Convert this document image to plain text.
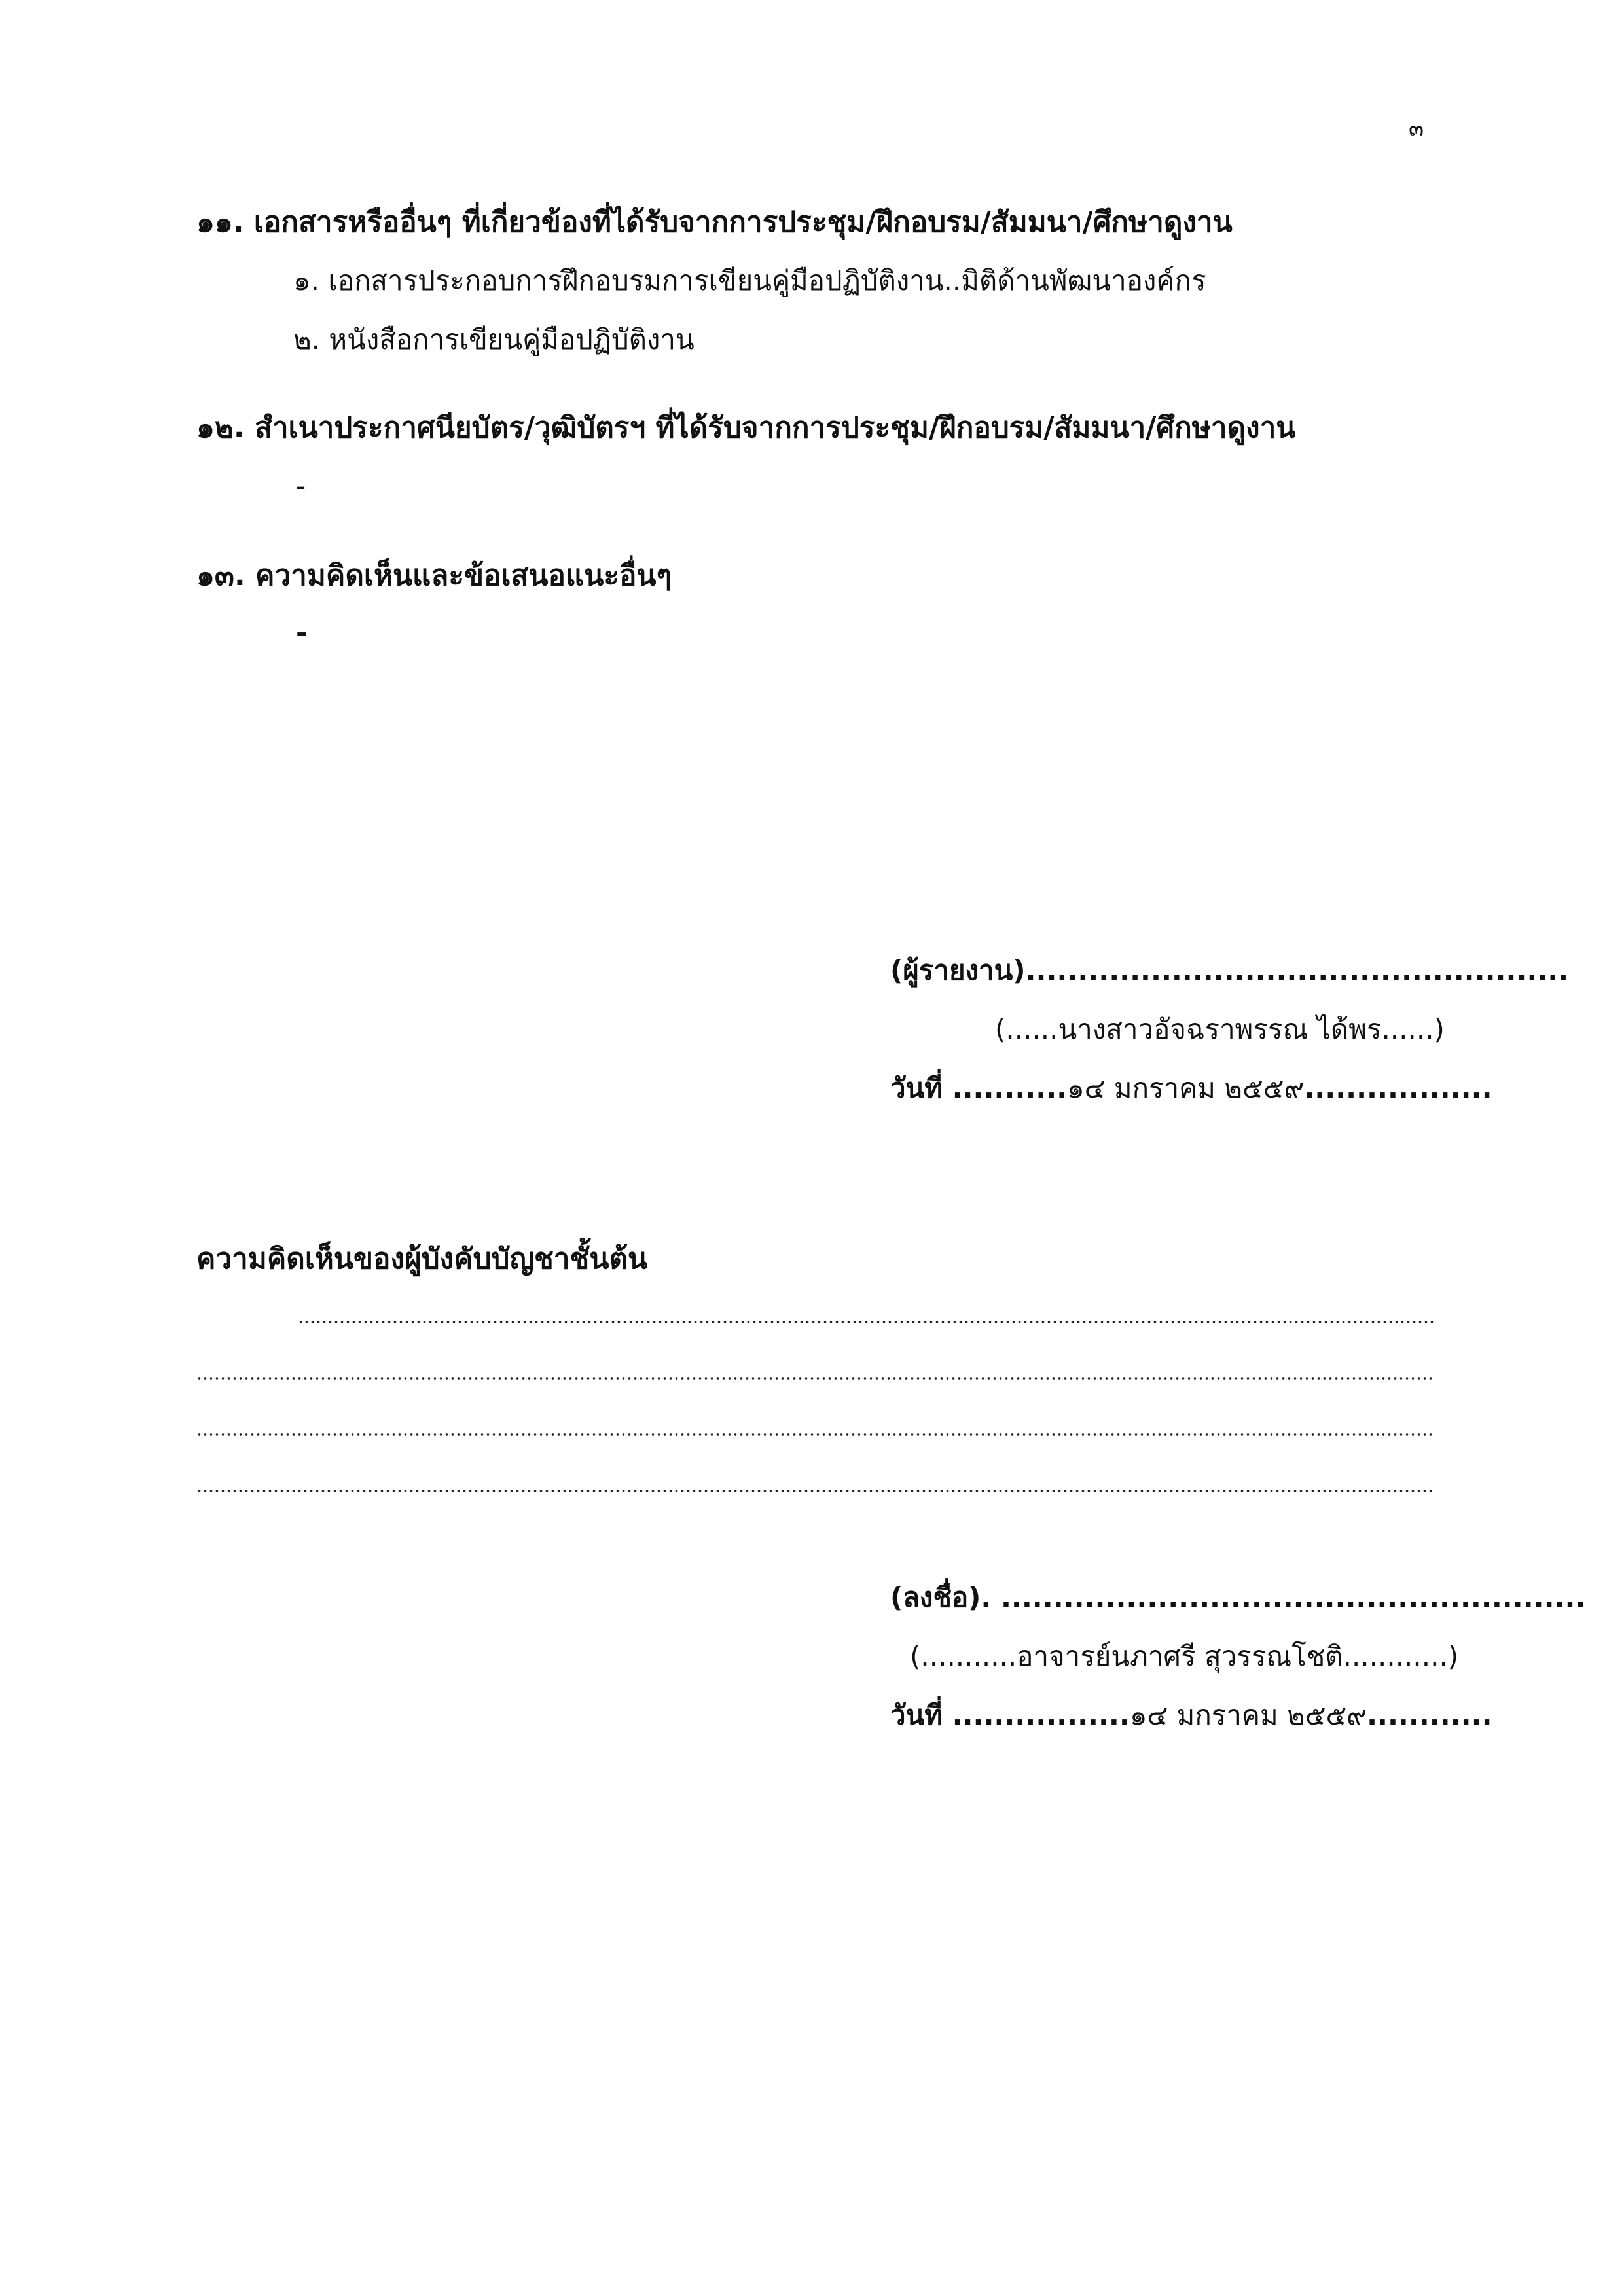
๓
๑๑. เอกสารหรืออื่นๆ ที่เกี่ยวข้องที่ได้รับจากการประชุม/ฝึกอบรม/สัมมนา/ศึกษาดูงาน
๑. เอกสารประกอบการฝึกอบรมการเขียนคู่มือปฏิบัติงาน..มิติด้านพัฒนาองค์กร
๒. หนังสือการเขียนคู่มือปฏิบัติงาน
๑๒. สำเนาประกาศนียบัตร/วุฒิบัตรฯ ที่ได้รับจากการประชุม/ฝึกอบรม/สัมมนา/ศึกษาดูงาน
-
๑๓. ความคิดเห็นและข้อเสนอแนะอื่นๆ
-
(ผู้รายงาน)....................................................
(......นางสาวอัจฉราพรรณ ได้พร......)
วันที่ ...........๑๔ มกราคม ๒๕๕๙..................
ความคิดเห็นของผู้บังคับบัญชาชั้นต้น
(ลงชื่อ). ........................................................
(...........อาจารย์นภาศรี สุวรรณโชติ............)
วันที่ .................๑๔ มกราคม ๒๕๕๙............
